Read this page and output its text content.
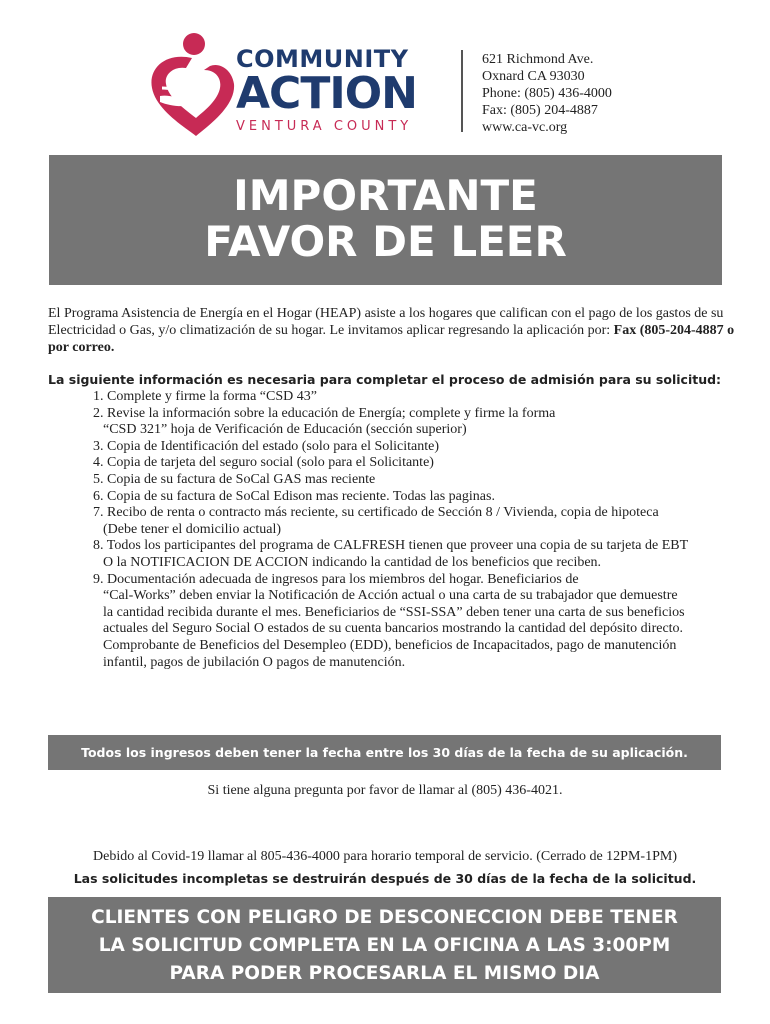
COMMUNITY
ACTION
VENTURA COUNTY
621 Richmond Ave.
Oxnard CA 93030
Phone: (805) 436-4000
Fax: (805) 204-4887
www.ca-vc.org
IMPORTANTE
FAVOR DE LEER
El Programa Asistencia de Energía en el Hogar (HEAP) asiste a los hogares que califican con el pago de los gastos de su Electricidad o Gas, y/o climatización de su hogar. Le invitamos aplicar regresando la aplicación por: Fax (805-204-4887 o por correo.
La siguiente información es necesaria para completar el proceso de admisión para su solicitud:
1. Complete y firme la forma “CSD 43”
2. Revise la información sobre la educación de Energía; complete y firme la forma
“CSD 321” hoja de Verificación de Educación (sección superior)
3. Copia de Identificación del estado (solo para el Solicitante)
4. Copia de tarjeta del seguro social (solo para el Solicitante)
5. Copia de su factura de SoCal GAS mas reciente
6. Copia de su factura de SoCal Edison mas reciente. Todas las paginas.
7. Recibo de renta o contracto más reciente, su certificado de Sección 8 / Vivienda, copia de hipoteca
(Debe tener el domicilio actual)
8. Todos los participantes del programa de CALFRESH tienen que proveer una copia de su tarjeta de EBT
O la NOTIFICACION DE ACCION indicando la cantidad de los beneficios que reciben.
9. Documentación adecuada de ingresos para los miembros del hogar. Beneficiarios de
“Cal-Works” deben enviar la Notificación de Acción actual o una carta de su trabajador que demuestre
la cantidad recibida durante el mes. Beneficiarios de “SSI-SSA” deben tener una carta de sus beneficios
actuales del Seguro Social O estados de su cuenta bancarios mostrando la cantidad del depósito directo.
Comprobante de Beneficios del Desempleo (EDD), beneficios de Incapacitados, pago de manutención
infantil, pagos de jubilación O pagos de manutención.
Todos los ingresos deben tener la fecha entre los 30 días de la fecha de su aplicación.
Si tiene alguna pregunta por favor de llamar al (805) 436-4021.
Debido al Covid-19 llamar al 805-436-4000 para horario temporal de servicio. (Cerrado de 12PM-1PM)
Las solicitudes incompletas se destruirán después de 30 días de la fecha de la solicitud.
CLIENTES CON PELIGRO DE DESCONECCION DEBE TENER
LA SOLICITUD COMPLETA EN LA OFICINA A LAS 3:00PM
PARA PODER PROCESARLA EL MISMO DIA
